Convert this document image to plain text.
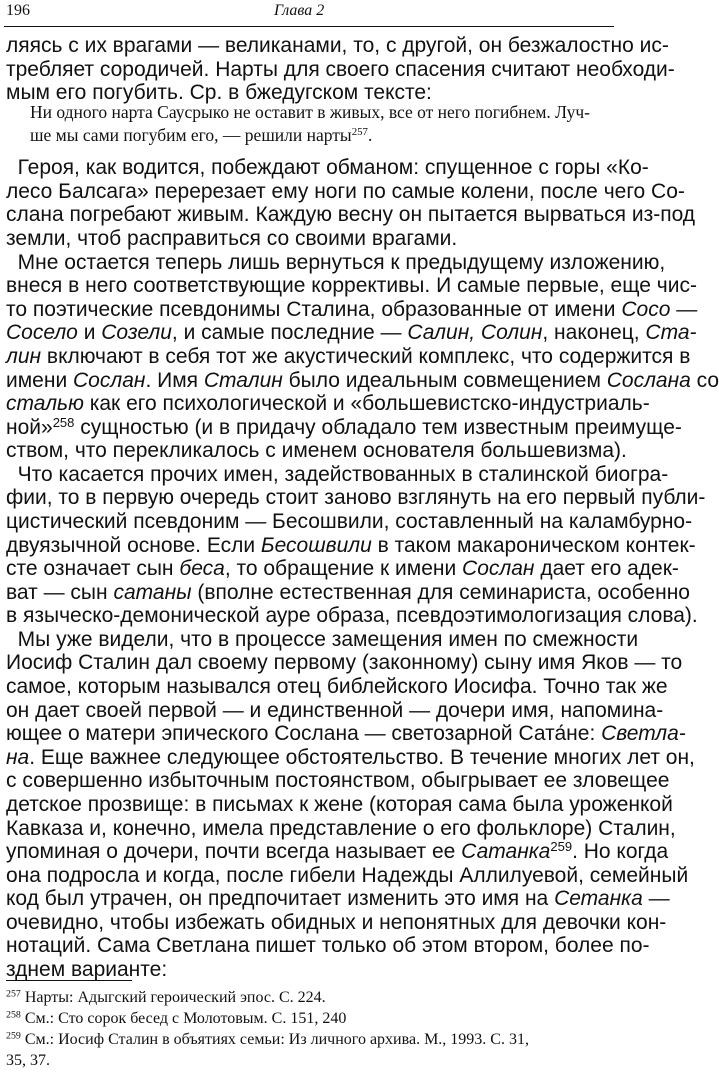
196	Глава 2
ляясь с их врагами — великанами, то, с другой, он безжалостно ис-
требляет сородичей. Нарты для своего спасения считают необходи-
мым его погубить. Ср. в бжедугском тексте:
Героя, как водится, побеждают обманом: спущенное с горы «Ко-
лесо Балсага» перерезает ему ноги по самые колени, после чего Со-
слана погребают живым. Каждую весну он пытается вырваться из-под
земли, чтоб расправиться со своими врагами.
Мне остается теперь лишь вернуться к предыдущему изложению,
внеся в него соответствующие коррективы. И самые первые, еще чис-
то поэтические псевдонимы Сталина, образованные от имени Сосо —
Сосело и Созели, и самые последние — Салин, Солин, наконец, Ста-
лин включают в себя тот же акустический комплекс, что содержится в
имени Сослан. Имя Сталин было идеальным совмещением Сослана со
сталью как его психологической и «большевистско-индустриаль-
ной»$^{258}$ сущностью (и в придачу обладало тем известным преимуще-
ством, что перекликалось с именем основателя большевизма).
Что касается прочих имен, задействованных в сталинской биогра-
фии, то в первую очередь стоит заново взглянуть на его первый публи-
цистический псевдоним — Бесошвили, составленный на каламбурно-
двуязычной основе. Если Бесошвили в таком макароническом контек-
сте означает сын беса, то обращение к имени Сослан дает его адек-
ват — сын сатаны (вполне естественная для семинариста, особенно
в язычеcко-демонической ауре образа, псевдоэтимологизация слова).
Мы уже видели, что в процессе замещения имен по смежности
Иосиф Сталин дал своему первому (законному) сыну имя Яков — то
самое, которым назывался отец библейского Иосифа. Точно так же
он дает своей первой — и единственной — дочери имя, напомина-
ющее о матери эпического Сослана — светозарной Сата́не: Светла-
на. Еще важнее следующее обстоятельство. В течение многих лет он,
с совершенно избыточным постоянством, обыгрывает ее зловещее
детское прозвище: в письмах к жене (которая сама была уроженкой
Кавказа и, конечно, имела представление о его фольклоре) Сталин,
упоминая о дочери, почти всегда называет ее Сатанка$^{259}$. Но когда
она подросла и когда, после гибели Надежды Аллилуевой, семейный
код был утрачен, он предпочитает изменить это имя на Сетанка —
очевидно, чтобы избежать обидных и непонятных для девочки кон-
нотаций. Сама Светлана пишет только об этом втором, более по-
зднем варианте:
Ни одного нарта Саусрыко не оставит в живых, все от него погибнем. Луч-
ше мы сами погубим его, — решили нарты$^{257}$.
$^{257}$ Нарты: Адыгский героический эпос. С. 224.
$^{258}$ См.: Сто сорок бесед с Молотовым. С. 151, 240
$^{259}$ См.: Иосиф Сталин в объятиях семьи: Из личного архива. М., 1993. С. 31,
35, 37.
